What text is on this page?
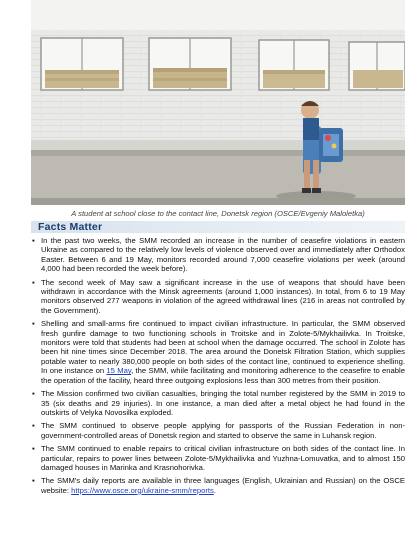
A student at school close to the contact line, Donetsk region (OSCE/Evgeniy Maloletka)
Facts Matter
▪ In the past two weeks, the SMM recorded an increase in the number of ceasefire violations in eastern Ukraine as compared to the relatively low levels of violence observed over and immediately after Orthodox Easter. Between 6 and 19 May, monitors recorded around 7,000 ceasefire violations per week (around 4,000 had been recorded the week before).
▪ The second week of May saw a significant increase in the use of weapons that should have been withdrawn in accordance with the Minsk agreements (around 1,000 instances). In total, from 6 to 19 May monitors observed 277 weapons in violation of the agreed withdrawal lines (216 in areas not controlled by the Government).
▪ Shelling and small-arms fire continued to impact civilian infrastructure. In particular, the SMM observed fresh gunfire damage to two functioning schools in Troitske and in Zolote-5/Mykhailivka. In Troitske, monitors were told that students had been at school when the damage occurred. The school in Zolote has been hit nine times since December 2018. The area around the Donetsk Filtration Station, which supplies potable water to nearly 380,000 people on both sides of the contact line, continued to experience shelling. In one instance on 15 May, the SMM, while facilitating and monitoring adherence to the ceasefire to enable the operation of the facility, heard three outgoing explosions less than 300 metres from their position.
▪ The Mission confirmed two civilian casualties, bringing the total number registered by the SMM in 2019 to 35 (six deaths and 29 injuries). In one instance, a man died after a metal object he had found in the outskirts of Velyka Novosilka exploded.
▪ The SMM continued to observe people applying for passports of the Russian Federation in non-government-controlled areas of Donetsk region and started to observe the same in Luhansk region.
▪ The SMM continued to enable repairs to critical civilian infrastructure on both sides of the contact line. In particular, repairs to power lines between Zolote-5/Mykhailivka and Yuzhna-Lomuvatka, and to almost 150 damaged houses in Marinka and Krasnohorivka.
▪ The SMM's daily reports are available in three languages (English, Ukrainian and Russian) on the OSCE website: https://www.osce.org/ukraine-smm/reports.
